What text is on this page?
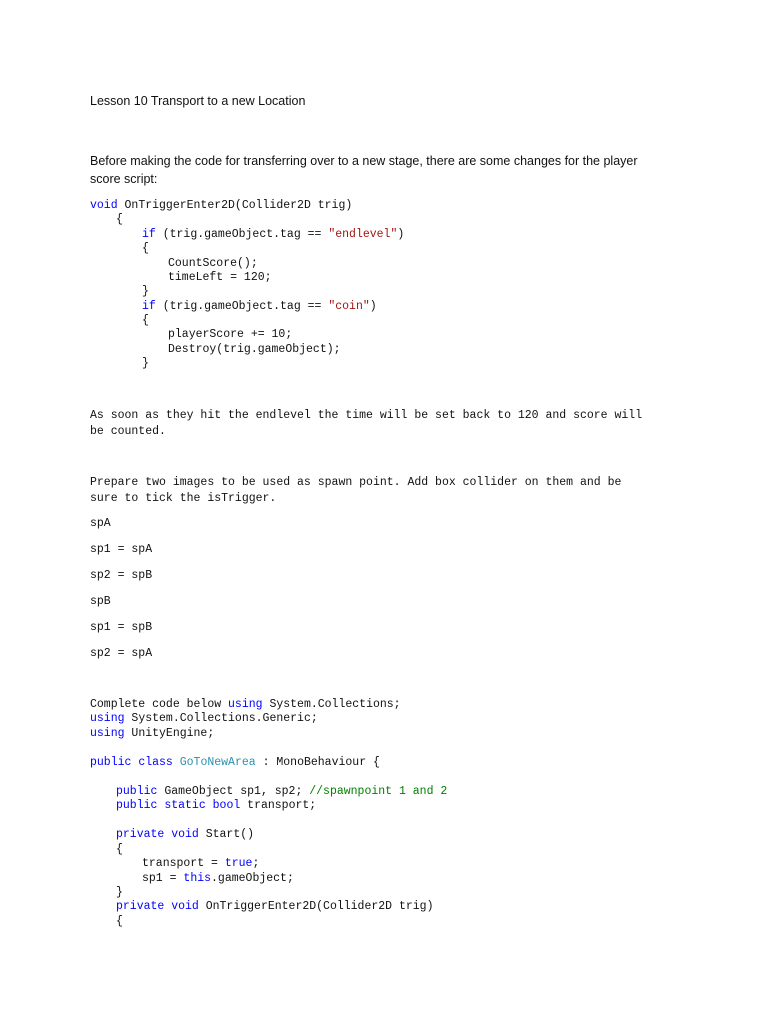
Lesson 10 Transport to a new Location
Before making the code for transferring over to a new stage, there are some changes for the player score script:
void OnTriggerEnter2D(Collider2D trig)
{
if (trig.gameObject.tag == "endlevel")
{
CountScore();
timeLeft = 120;
}
if (trig.gameObject.tag == "coin")
{
playerScore += 10;
Destroy(trig.gameObject);
}
As soon as they hit the endlevel the time will be set back to 120 and score will be counted.
Prepare two images to be used as spawn point. Add box collider on them and be sure to tick the isTrigger.
spA
sp1 = spA
sp2 = spB
spB
sp1 = spB
sp2 = spA
Complete code below using System.Collections;
using System.Collections.Generic;
using UnityEngine;
public class GoToNewArea : MonoBehaviour {
public GameObject sp1, sp2; //spawnpoint 1 and 2
public static bool transport;
private void Start()
{
transport = true;
sp1 = this.gameObject;
}
private void OnTriggerEnter2D(Collider2D trig)
{
